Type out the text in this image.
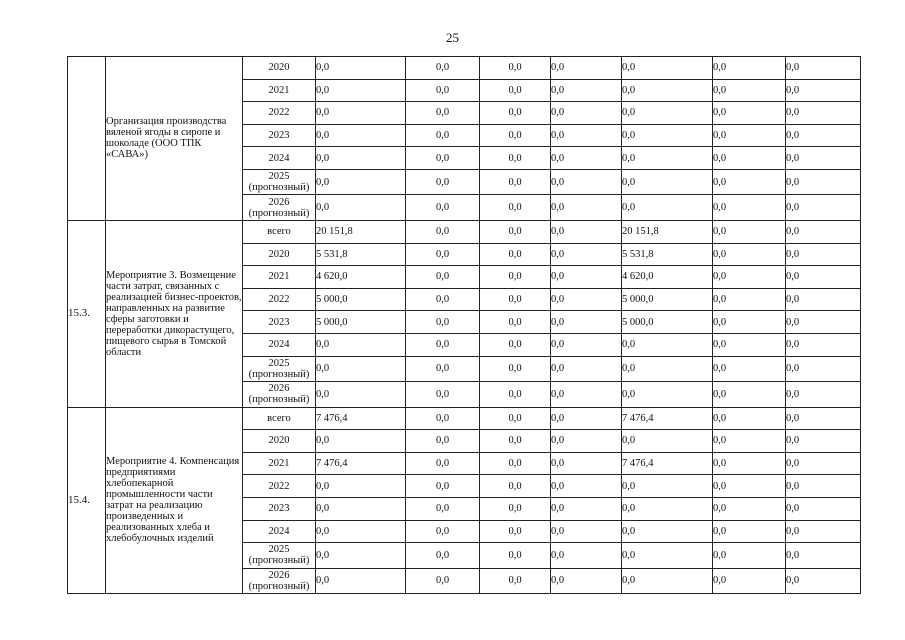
25
	Организация производства вяленой ягоды в сиропе и шоколаде (ООО ТПК «САВА»)	2020	0,0	0,0	0,0	0,0	0,0	0,0	0,0
		2021	0,0	0,0	0,0	0,0	0,0	0,0	0,0
		2022	0,0	0,0	0,0	0,0	0,0	0,0	0,0
		2023	0,0	0,0	0,0	0,0	0,0	0,0	0,0
		2024	0,0	0,0	0,0	0,0	0,0	0,0	0,0
		2025 (прогнозный)	0,0	0,0	0,0	0,0	0,0	0,0	0,0
		2026 (прогнозный)	0,0	0,0	0,0	0,0	0,0	0,0	0,0
15.3.	Мероприятие 3. Возмещение части затрат, связанных с реализацией бизнес-проектов, направленных на развитие сферы заготовки и переработки дикорастущего, пищевого сырья в Томской области	всего	20 151,8	0,0	0,0	0,0	20 151,8	0,0	0,0
		2020	5 531,8	0,0	0,0	0,0	5 531,8	0,0	0,0
		2021	4 620,0	0,0	0,0	0,0	4 620,0	0,0	0,0
		2022	5 000,0	0,0	0,0	0,0	5 000,0	0,0	0,0
		2023	5 000,0	0,0	0,0	0,0	5 000,0	0,0	0,0
		2024	0,0	0,0	0,0	0,0	0,0	0,0	0,0
		2025 (прогнозный)	0,0	0,0	0,0	0,0	0,0	0,0	0,0
		2026 (прогнозный)	0,0	0,0	0,0	0,0	0,0	0,0	0,0
15.4.	Мероприятие 4. Компенсация предприятиями хлебопекарной промышленности части затрат на реализацию произведенных и реализованных хлеба и хлебобулочных изделий	всего	7 476,4	0,0	0,0	0,0	7 476,4	0,0	0,0
		2020	0,0	0,0	0,0	0,0	0,0	0,0	0,0
		2021	7 476,4	0,0	0,0	0,0	7 476,4	0,0	0,0
		2022	0,0	0,0	0,0	0,0	0,0	0,0	0,0
		2023	0,0	0,0	0,0	0,0	0,0	0,0	0,0
		2024	0,0	0,0	0,0	0,0	0,0	0,0	0,0
		2025 (прогнозный)	0,0	0,0	0,0	0,0	0,0	0,0	0,0
		2026 (прогнозный)	0,0	0,0	0,0	0,0	0,0	0,0	0,0
